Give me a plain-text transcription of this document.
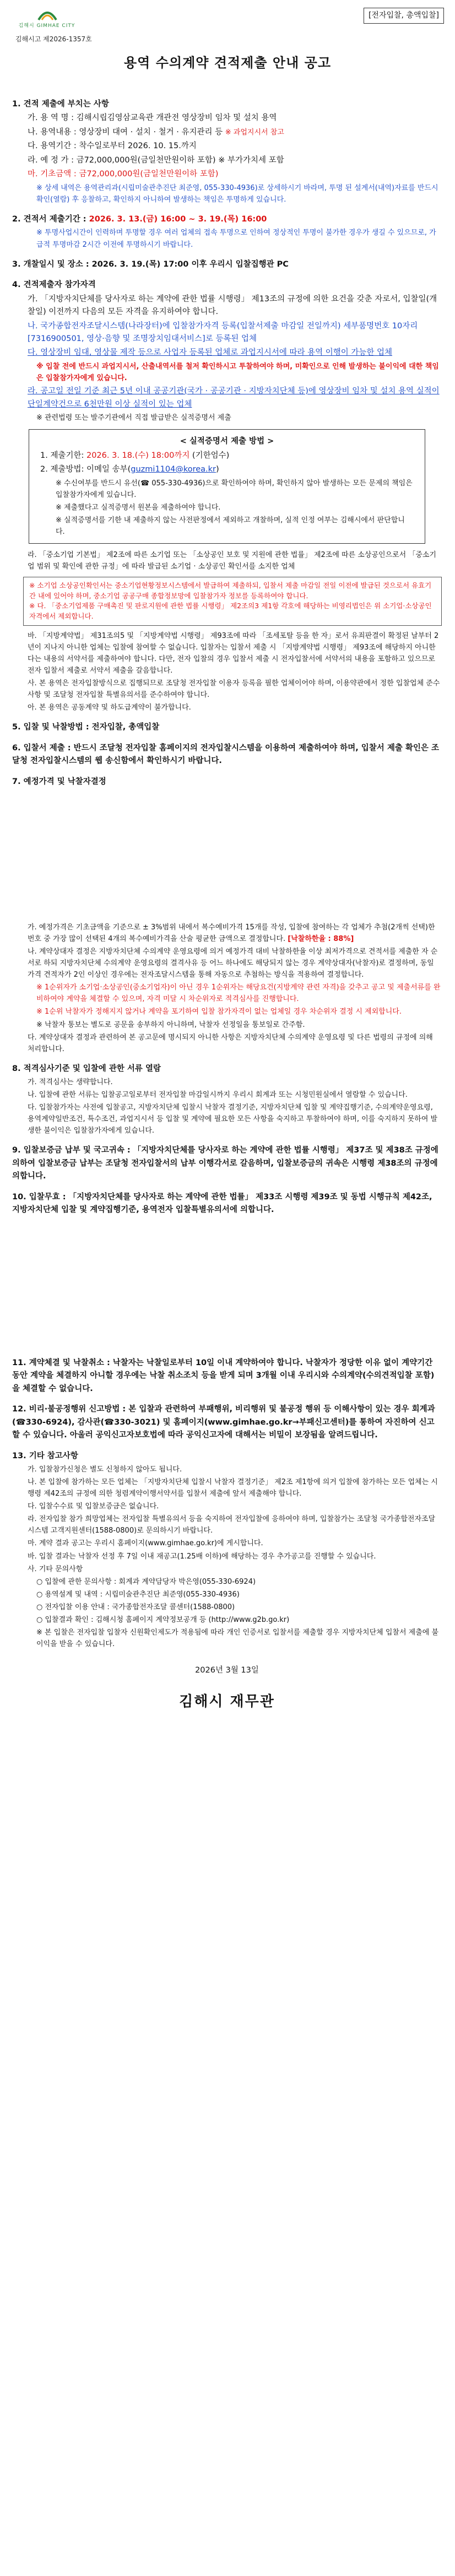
김해시 GIMHAE CITY
김해시고 제2026-1357호
[전자입찰, 총액입찰]
용역 수의계약 견적제출 안내 공고
1. 견적 제출에 부치는 사항
가. 용 역 명 : 김해시립김영삼교육관 개관전 영상장비 임차 및 설치 용역
나. 용역내용 : 영상장비 대여 · 설치 · 철거 · 유지관리 등 ※ 과업지시서 참고
다. 용역기간 : 착수일로부터 2026. 10. 15.까지
라. 예 정 가 : 금72,000,000원(금일천만원이하 포함) ※ 부가가치세 포함
마. 기초금액 : 금72,000,000원(금일천만원이하 포함)
※ 상세 내역은 용역관리과(시립미술관추진단 최준영, 055-330-4936)로 상세하시기 바라며, 투명 된 설계서(내역)자료를 반드시 확인(열람) 후 응찰하고, 확인하지 아니하여 발생하는 책임은 투명하게 있습니다.
2. 견적서 제출기간 : 2026. 3. 13.(금) 16:00 ~ 3. 19.(목) 16:00
※ 투명사업시간이 인력하며 투명할 경우 여러 업체의 접속 투명으로 인하여 정상적인 투명이 불가한 경우가 생길 수 있으므로, 가급적 투명마감 2시간 이전에 투명하시기 바랍니다.
3. 개찰일시 및 장소 : 2026. 3. 19.(목) 17:00 이후 우리시 입찰집행관 PC
4. 견적제출자 참가자격
가. 「지방자치단체를 당사자로 하는 계약에 관한 법률 시행령」 제13조의 규정에 의한 요건을 갖춘 자로서, 입찰일(개찰일) 이전까지 다음의 모든 자격을 유지하여야 합니다.
나. 국가종합전자조달시스템(나라장터)에 입찰참가자격 등록(입찰서제출 마감일 전일까지) 세부품명번호 10자리 [7316900501, 영상·음향 및 조명장치임대서비스]로 등록된 업체
다. 영상장비 임대, 영상물 제작 등으로 사업자 등록된 업체로 과업지시서에 따라 용역 이행이 가능한 업체
※ 입찰 전에 반드시 과업지시서, 산출내역서를 철저 확인하시고 투찰하여야 하며, 미확인으로 인해 발생하는 불이익에 대한 책임은 입찰참가자에게 있습니다.
라. 공고일 전일 기준 최근 5년 이내 공공기관(국가 · 공공기관 · 지방자치단체 등)에 영상장비 임차 및 설치 용역 실적이 단일계약건으로 6천만원 이상 실적이 있는 업체
※ 관련법령 또는 발주기관에서 직접 발급받은 실적증명서 제출
< 실적증명서 제출 방법 >
1. 제출기한: 2026. 3. 18.(수) 18:00까지 (기한엄수)
2. 제출방법: 이메일 송부(guzmi1104@korea.kr)
※ 수신여부를 반드시 유선(☎ 055-330-4936)으로 확인하여야 하며, 확인하지 않아 발생하는 모든 문제의 책임은 입찰참가자에게 있습니다.
※ 제출했다고 실적증명서 원본을 제출하여야 합니다.
※ 실적증명서를 기한 내 제출하지 않는 사전판정에서 제외하고 개찰하며, 실적 인정 여부는 김해시에서 판단합니다.
라. 「중소기업 기본법」 제2조에 따른 소기업 또는 「소상공인 보호 및 지원에 관한 법률」 제2조에 따른 소상공인으로서 「중소기업 범위 및 확인에 관한 규정」에 따라 발급된 소기업 · 소상공인 확인서를 소지한 업체
※ 소기업 소상공인확인서는 중소기업현황정보시스템에서 발급하여 제출하되, 입찰서 제출 마감일 전일 이전에 발급된 것으로서 유효기간 내에 있어야 하며, 중소기업 공공구매 종합정보망에 입찰참가자 정보를 등록하여야 합니다.
※ 다. 「중소기업제품 구매촉진 및 판로지원에 관한 법률 시행령」 제2조의3 제1항 각호에 해당하는 비영리법인은 위 소기업·소상공인 자격에서 제외합니다.
바. 「지방계약법」 제31조의5 및 「지방계약법 시행령」 제93조에 따라 「조세포탈 등을 한 자」로서 유죄판결이 확정된 날부터 2년이 지나지 아니한 업체는 입찰에 참여할 수 없습니다. 입찰자는 입찰서 제출 시 「지방계약법 시행령」 제93조에 해당하지 아니한다는 내용의 서약서를 제출하여야 합니다. 다만, 전자 입찰의 경우 입찰서 제출 시 전자입찰서에 서약서의 내용을 포함하고 있으므로 전자 입찰서 제출로 서약서 제출을 갈음합니다.
사. 본 용역은 전자입찰방식으로 집행되므로 조달청 전자입찰 이용자 등록을 필한 업체이어야 하며, 이용약관에서 정한 입찰업체 준수사항 및 조달청 전자입찰 특별유의서를 준수하여야 합니다.
아. 본 용역은 공동계약 및 하도급계약이 불가합니다.
5. 입찰 및 낙찰방법 : 전자입찰, 총액입찰
6. 입찰서 제출 : 반드시 조달청 전자입찰 홈페이지의 전자입찰시스템을 이용하여 제출하여야 하며, 입찰서 제출 확인은 조달청 전자입찰시스템의 웹 송신함에서 확인하시기 바랍니다.
7. 예정가격 및 낙찰자결정
가. 예정가격은 기초금액을 기준으로 ± 3%범위 내에서 복수예비가격 15개를 작성, 입찰에 참여하는 각 업체가 추첨(2개씩 선택)한 번호 중 가장 많이 선택된 4개의 복수예비가격을 산술 평균한 금액으로 결정합니다. [낙찰하한율 : 88%]
나. 계약상대자 결정은 지방자치단체 수의계약 운영요령에 의거 예정가격 대비 낙찰하한율 이상 최저가격으로 견적서를 제출한 자 순서로 하되 지방자치단체 수의계약 운영요령의 결격사유 등 어느 하나에도 해당되지 않는 경우 계약상대자(낙찰자)로 결정하며, 동일 가격 견적자가 2인 이상인 경우에는 전자조달시스템을 통해 자동으로 추첨하는 방식을 적용하여 결정합니다.
※ 1순위자가 소기업·소상공인(중소기업자)이 아닌 경우 1순위자는 해당요건(지방계약 관련 자격)을 갖추고 공고 및 제출서류를 완비하여야 계약을 체결할 수 있으며, 자격 미달 시 차순위자로 적격심사를 진행합니다.
※ 1순위 낙찰자가 정해지지 않거나 계약을 포기하여 입찰 참가자격이 없는 업체일 경우 차순위자 결정 시 제외합니다.
※ 낙찰자 통보는 별도로 공문을 송부하지 아니하며, 낙찰자 선정일을 통보일로 간주함.
다. 계약상대자 결정과 관련하여 본 공고문에 명시되지 아니한 사항은 지방자치단체 수의계약 운영요령 및 다른 법령의 규정에 의해 처리합니다.
8. 적격심사기준 및 입찰에 관한 서류 열람
가. 적격심사는 생략합니다.
나. 입찰에 관한 서류는 입찰공고일로부터 전자입찰 마감일시까지 우리시 회계과 또는 시청민원실에서 열람할 수 있습니다.
다. 입찰참가자는 사전에 입찰공고, 지방자치단체 입찰시 낙찰자 결정기준, 지방자치단체 입찰 및 계약집행기준, 수의계약운영요령, 용역계약일반조건, 특수조건, 과업지시서 등 입찰 및 계약에 필요한 모든 사항을 숙지하고 투찰하여야 하며, 이를 숙지하지 못하여 발생한 불이익은 입찰참가자에게 있습니다.
9. 입찰보증금 납부 및 국고귀속 : 「지방자치단체를 당사자로 하는 계약에 관한 법률 시행령」 제37조 및 제38조 규정에 의하여 입찰보증금 납부는 조달청 전자입찰서의 납부 이행각서로 갈음하며, 입찰보증금의 귀속은 시행령 제38조의 규정에 의합니다.
10. 입찰무효 : 「지방자치단체를 당사자로 하는 계약에 관한 법률」 제33조 시행령 제39조 및 동법 시행규칙 제42조, 지방자치단체 입찰 및 계약집행기준, 용역전자 입찰특별유의서에 의합니다.
11. 계약체결 및 낙찰취소 : 낙찰자는 낙찰일로부터 10일 이내 계약하여야 합니다. 낙찰자가 정당한 이유 없이 계약기간 동안 계약을 체결하지 아니할 경우에는 낙찰 취소조치 등을 받게 되며 3개월 이내 우리시와 수의계약(수의견적입찰 포함)을 체결할 수 없습니다.
12. 비리·불공정행위 신고방법 : 본 입찰과 관련하여 부패행위, 비리행위 및 불공정 행위 등 이해사항이 있는 경우 회계과(☎330-6924), 감사관(☎330-3021) 및 홈페이지(www.gimhae.go.kr→부패신고센터)를 통하여 자진하여 신고할 수 있습니다. 아울러 공익신고자보호법에 따라 공익신고자에 대해서는 비밀이 보장됨을 알려드립니다.
13. 기타 참고사항
가. 입찰참가신청은 별도 신청하지 않아도 됩니다.
나. 본 입찰에 참가하는 모든 업체는 「지방자치단체 입찰시 낙찰자 결정기준」 제2조 제1항에 의거 입찰에 참가하는 모든 업체는 시행령 제42조의 규정에 의한 청렴계약이행서약서를 입찰서 제출에 앞서 제출해야 합니다.
다. 입찰수수료 및 입찰보증금은 없습니다.
라. 전자입찰 참가 희망업체는 전자입찰 특별유의서 등을 숙지하여 전자입찰에 응하여야 하며, 입찰참가는 조달청 국가종합전자조달시스템 고객지원센터(1588-0800)로 문의하시기 바랍니다.
마. 계약 결과 공고는 우리시 홈페이지(www.gimhae.go.kr)에 게시합니다.
바. 입찰 결과는 낙찰자 선정 후 7일 이내 재공고(1.25배 이하)에 해당하는 경우 추가공고를 진행할 수 있습니다.
사. 기타 문의사항
○ 입찰에 관한 문의사항 : 회계과 계약담당자 박은영(055-330-6924)
○ 용역설계 및 내역 : 시립미술관추진단 최준영(055-330-4936)
○ 전자입찰 이용 안내 : 국가종합전자조달 콜센터(1588-0800)
○ 입찰결과 확인 : 김해시청 홈페이지 계약정보공개 등 (http://www.g2b.go.kr)
※ 본 입찰은 전자입찰 입찰자 신원확인제도가 적용됨에 따라 개인 인증서로 입찰서를 제출할 경우 지방자치단체 입찰서 제출에 불이익을 받을 수 있습니다.
2026년 3월 13일
김해시 재무관
